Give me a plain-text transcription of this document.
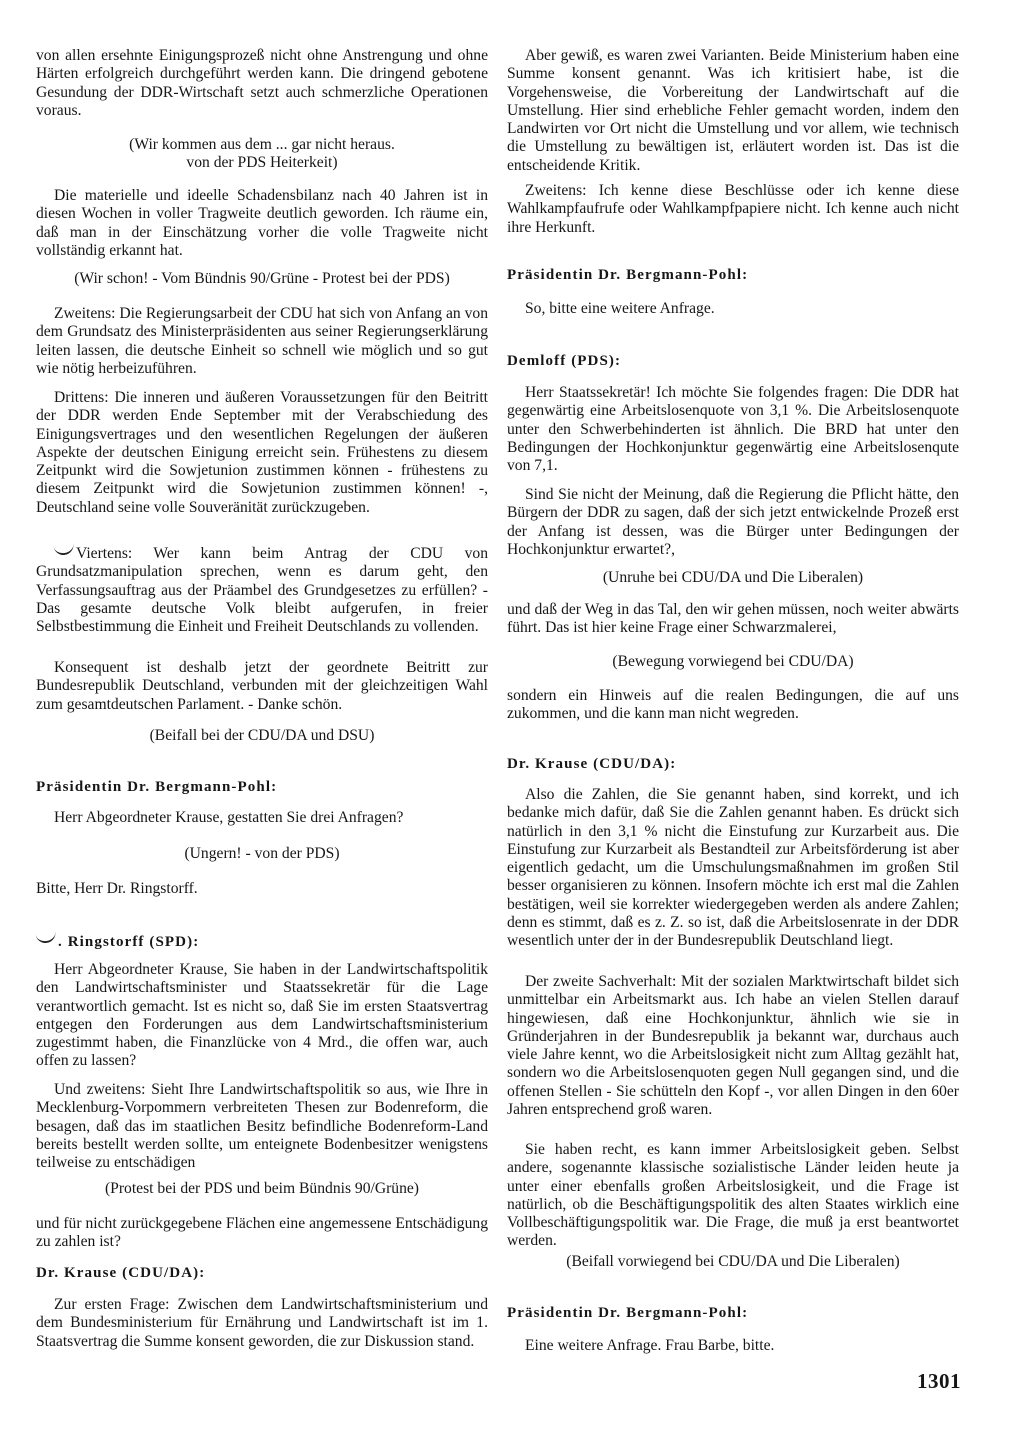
von allen ersehnte Einigungsprozeß nicht ohne Anstrengung und ohne Härten erfolgreich durchgeführt werden kann. Die dringend gebotene Gesundung der DDR-Wirtschaft setzt auch schmerzliche Operationen voraus.

(Wir kommen aus dem ... gar nicht heraus.

von der PDS Heiterkeit)

Die materielle und ideelle Schadensbilanz nach 40 Jahren ist in diesen Wochen in voller Tragweite deutlich geworden. Ich räume ein, daß man in der Einschätzung vorher die volle Tragweite nicht vollständig erkannt hat.

(Wir schon! - Vom Bündnis 90/Grüne - Protest bei der PDS)

Zweitens: Die Regierungsarbeit der CDU hat sich von Anfang an von dem Grundsatz des Ministerpräsidenten aus seiner Regierungserklärung leiten lassen, die deutsche Einheit so schnell wie möglich und so gut wie nötig herbeizuführen.

Drittens: Die inneren und äußeren Voraussetzungen für den Beitritt der DDR werden Ende September mit der Verabschiedung des Einigungsvertrages und den wesentlichen Regelungen der äußeren Aspekte der deutschen Einigung erreicht sein. Frühestens zu diesem Zeitpunkt wird die Sowjetunion zustimmen können - frühestens zu diesem Zeitpunkt wird die Sowjetunion zustimmen können! -, Deutschland seine volle Souveränität zurückzugeben.

Viertens: Wer kann beim Antrag der CDU von Grundsatzmanipulation sprechen, wenn es darum geht, den Verfassungsauftrag aus der Präambel des Grundgesetzes zu erfüllen? - Das gesamte deutsche Volk bleibt aufgerufen, in freier Selbstbestimmung die Einheit und Freiheit Deutschlands zu vollenden.

Konsequent ist deshalb jetzt der geordnete Beitritt zur Bundesrepublik Deutschland, verbunden mit der gleichzeitigen Wahl zum gesamtdeutschen Parlament. - Danke schön.

(Beifall bei der CDU/DA und DSU)

Präsidentin Dr. Bergmann-Pohl:

Herr Abgeordneter Krause, gestatten Sie drei Anfragen?

(Ungern! - von der PDS)

Bitte, Herr Dr. Ringstorff.

. Ringstorff (SPD):

Herr Abgeordneter Krause, Sie haben in der Landwirtschaftspolitik den Landwirtschaftsminister und Staatssekretär für die Lage verantwortlich gemacht. Ist es nicht so, daß Sie im ersten Staatsvertrag entgegen den Forderungen aus dem Landwirtschaftsministerium zugestimmt haben, die Finanzlücke von 4 Mrd., die offen war, auch offen zu lassen?

Und zweitens: Sieht Ihre Landwirtschaftspolitik so aus, wie Ihre in Mecklenburg-Vorpommern verbreiteten Thesen zur Bodenreform, die besagen, daß das im staatlichen Besitz befindliche Bodenreform-Land bereits bestellt werden sollte, um enteignete Bodenbesitzer wenigstens teilweise zu entschädigen

(Protest bei der PDS und beim Bündnis 90/Grüne)

und für nicht zurückgegebene Flächen eine angemessene Entschädigung zu zahlen ist?

Dr. Krause (CDU/DA):

Zur ersten Frage: Zwischen dem Landwirtschaftsministerium und dem Bundesministerium für Ernährung und Landwirtschaft ist im 1. Staatsvertrag die Summe konsent geworden, die zur Diskussion stand.

Aber gewiß, es waren zwei Varianten. Beide Ministerium haben eine Summe konsent genannt. Was ich kritisiert habe, ist die Vorgehensweise, die Vorbereitung der Landwirtschaft auf die Umstellung. Hier sind erhebliche Fehler gemacht worden, indem den Landwirten vor Ort nicht die Umstellung und vor allem, wie technisch die Umstellung zu bewältigen ist, erläutert worden ist. Das ist die entscheidende Kritik.

Zweitens: Ich kenne diese Beschlüsse oder ich kenne diese Wahlkampfaufrufe oder Wahlkampfpapiere nicht. Ich kenne auch nicht ihre Herkunft.

Präsidentin Dr. Bergmann-Pohl:

So, bitte eine weitere Anfrage.

Demloff (PDS):

Herr Staatssekretär! Ich möchte Sie folgendes fragen: Die DDR hat gegenwärtig eine Arbeitslosenquote von 3,1 %. Die Arbeitslosenquote unter den Schwerbehinderten ist ähnlich. Die BRD hat unter den Bedingungen der Hochkonjunktur gegenwärtig eine Arbeitslosenqute von 7,1.

Sind Sie nicht der Meinung, daß die Regierung die Pflicht hätte, den Bürgern der DDR zu sagen, daß der sich jetzt entwickelnde Prozeß erst der Anfang ist dessen, was die Bürger unter Bedingungen der Hochkonjunktur erwartet?,

(Unruhe bei CDU/DA und Die Liberalen)

und daß der Weg in das Tal, den wir gehen müssen, noch weiter abwärts führt. Das ist hier keine Frage einer Schwarzmalerei,

(Bewegung vorwiegend bei CDU/DA)

sondern ein Hinweis auf die realen Bedingungen, die auf uns zukommen, und die kann man nicht wegreden.

Dr. Krause (CDU/DA):

Also die Zahlen, die Sie genannt haben, sind korrekt, und ich bedanke mich dafür, daß Sie die Zahlen genannt haben. Es drückt sich natürlich in den 3,1 % nicht die Einstufung zur Kurzarbeit aus. Die Einstufung zur Kurzarbeit als Bestandteil zur Arbeitsförderung ist aber eigentlich gedacht, um die Umschulungsmaßnahmen im großen Stil besser organisieren zu können. Insofern möchte ich erst mal die Zahlen bestätigen, weil sie korrekter wiedergegeben werden als andere Zahlen; denn es stimmt, daß es z. Z. so ist, daß die Arbeitslosenrate in der DDR wesentlich unter der in der Bundesrepublik Deutschland liegt.

Der zweite Sachverhalt: Mit der sozialen Marktwirtschaft bildet sich unmittelbar ein Arbeitsmarkt aus. Ich habe an vielen Stellen darauf hingewiesen, daß eine Hochkonjunktur, ähnlich wie sie in Gründerjahren in der Bundesrepublik ja bekannt war, durchaus auch viele Jahre kennt, wo die Arbeitslosigkeit nicht zum Alltag gezählt hat, sondern wo die Arbeitslosenquoten gegen Null gegangen sind, und die offenen Stellen - Sie schütteln den Kopf -, vor allen Dingen in den 60er Jahren entsprechend groß waren.

Sie haben recht, es kann immer Arbeitslosigkeit geben. Selbst andere, sogenannte klassische sozialistische Länder leiden heute ja unter einer ebenfalls großen Arbeitslosigkeit, und die Frage ist natürlich, ob die Beschäftigungspolitik des alten Staates wirklich eine Vollbeschäftigungspolitik war. Die Frage, die muß ja erst beantwortet werden.

(Beifall vorwiegend bei CDU/DA und Die Liberalen)

Präsidentin Dr. Bergmann-Pohl:

Eine weitere Anfrage. Frau Barbe, bitte.

1301
